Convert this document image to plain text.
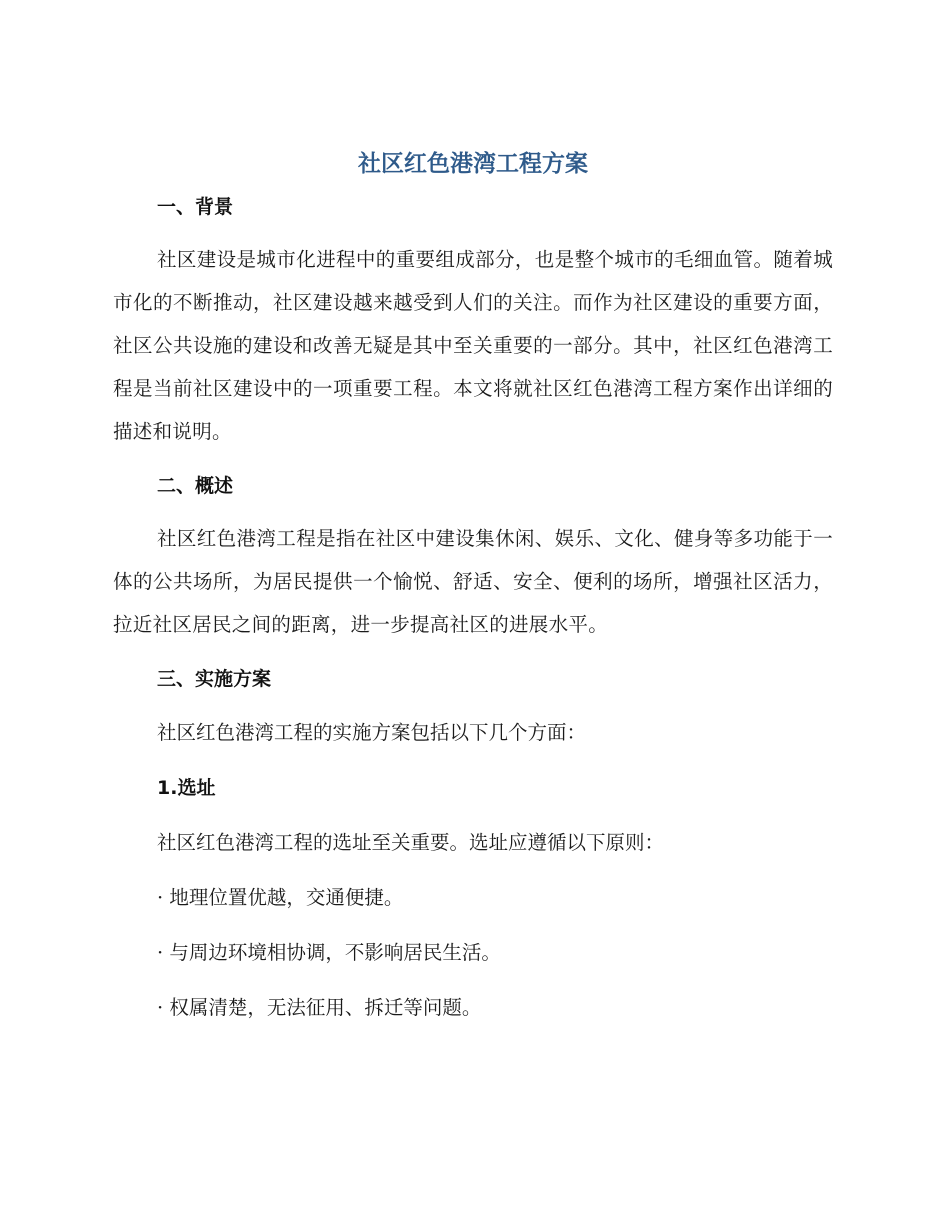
社区红色港湾工程方案
一、背景

社区建设是城市化进程中的重要组成部分，也是整个城市的毛细血管。随着城市化的不断推动，社区建设越来越受到人们的关注。而作为社区建设的重要方面，社区公共设施的建设和改善无疑是其中至关重要的一部分。其中，社区红色港湾工程是当前社区建设中的一项重要工程。本文将就社区红色港湾工程方案作出详细的描述和说明。

二、概述

社区红色港湾工程是指在社区中建设集休闲、娱乐、文化、健身等多功能于一体的公共场所，为居民提供一个愉悦、舒适、安全、便利的场所，增强社区活力，拉近社区居民之间的距离，进一步提高社区的进展水平。

三、实施方案

社区红色港湾工程的实施方案包括以下几个方面：

1.选址

社区红色港湾工程的选址至关重要。选址应遵循以下原则：

· 地理位置优越，交通便捷。

· 与周边环境相协调，不影响居民生活。

· 权属清楚，无法征用、拆迁等问题。
